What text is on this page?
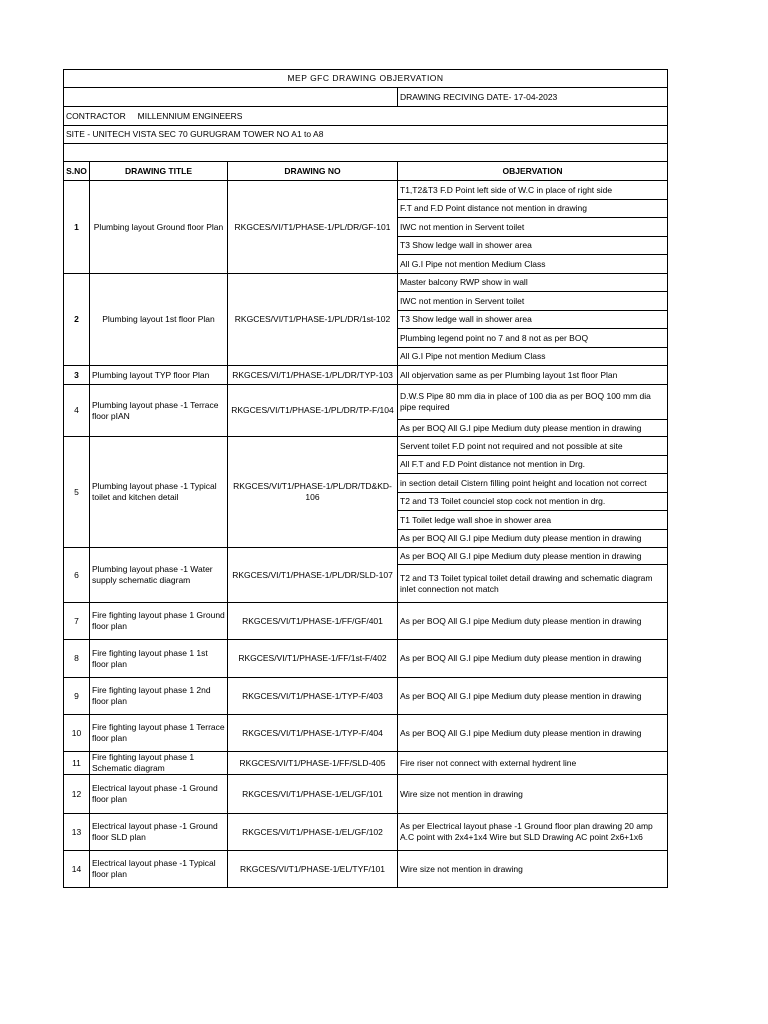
MEP GFC DRAWING OBJERVATION			
			DRAWING RECIVING DATE- 17-04-2023
CONTRACTOR     MILLENNIUM ENGINEERS			
SITE - UNITECH VISTA SEC 70 GURUGRAM TOWER NO A1 to A8			

S.NO	DRAWING TITLE	DRAWING NO	OBJERVATION
1	Plumbing layout Ground floor Plan	RKGCES/VI/T1/PHASE-1/PL/DR/GF-101	T1,T2&T3 F.D Point left side of W.C in place of right side
			F.T and F.D Point distance not mention in drawing
			IWC not mention in Servent toilet
			T3 Show ledge wall in shower area
			All G.I Pipe not mention Medium Class
2	Plumbing layout 1st floor Plan	RKGCES/VI/T1/PHASE-1/PL/DR/1st-102	Master balcony RWP show in wall
			IWC not mention in Servent toilet
			T3 Show ledge wall in shower area
			Plumbing legend point no 7 and 8 not as per BOQ
			All G.I Pipe not mention Medium Class
3	Plumbing layout TYP floor Plan	RKGCES/VI/T1/PHASE-1/PL/DR/TYP-103	All objervation same as per Plumbing layout 1st floor Plan
4	Plumbing layout phase -1 Terrace floor pIAN	RKGCES/VI/T1/PHASE-1/PL/DR/TP-F/104	D.W.S Pipe 80 mm dia in place of 100 dia as per BOQ 100 mm dia pipe required
			As per BOQ All G.I pipe Medium duty please mention in drawing
5	Plumbing layout phase -1 Typical toilet and kitchen detail	RKGCES/VI/T1/PHASE-1/PL/DR/TD&KD-106	Servent toilet F.D point not required and not possible at site
			All F.T and F.D Point distance not mention in Drg.
			in section detail Cistern filling point height and location not correct
			T2 and T3 Toilet counciel stop cock not mention in drg.
			T1 Toilet ledge wall shoe in shower area
			As per BOQ All G.I pipe Medium duty please mention in drawing
6	Plumbing layout phase -1 Water supply schematic diagram	RKGCES/VI/T1/PHASE-1/PL/DR/SLD-107	As per BOQ All G.I pipe Medium duty please mention in drawing
			T2 and T3 Toilet typical toilet detail drawing and schematic diagram inlet connection not match
7	Fire fighting layout phase 1 Ground floor plan	RKGCES/VI/T1/PHASE-1/FF/GF/401	As per BOQ All G.I pipe Medium duty please mention in drawing
8	Fire fighting layout phase 1 1st floor plan	RKGCES/VI/T1/PHASE-1/FF/1st-F/402	As per BOQ All G.I pipe Medium duty please mention in drawing
9	Fire fighting layout phase 1 2nd floor plan	RKGCES/VI/T1/PHASE-1/TYP-F/403	As per BOQ All G.I pipe Medium duty please mention in drawing
10	Fire fighting layout phase 1 Terrace floor plan	RKGCES/VI/T1/PHASE-1/TYP-F/404	As per BOQ All G.I pipe Medium duty please mention in drawing
11	Fire fighting layout phase 1 Schematic diagram	RKGCES/VI/T1/PHASE-1/FF/SLD-405	Fire riser not connect with external hydrent line
12	Electrical layout phase -1 Ground floor plan	RKGCES/VI/T1/PHASE-1/EL/GF/101	Wire size not mention in drawing
13	Electrical layout phase -1 Ground floor SLD plan	RKGCES/VI/T1/PHASE-1/EL/GF/102	As per Electrical layout phase -1 Ground floor plan drawing 20 amp A.C point with 2x4+1x4 Wire but SLD Drawing AC point 2x6+1x6
14	Electrical layout phase -1 Typical floor plan	RKGCES/VI/T1/PHASE-1/EL/TYF/101	Wire size not mention in drawing
